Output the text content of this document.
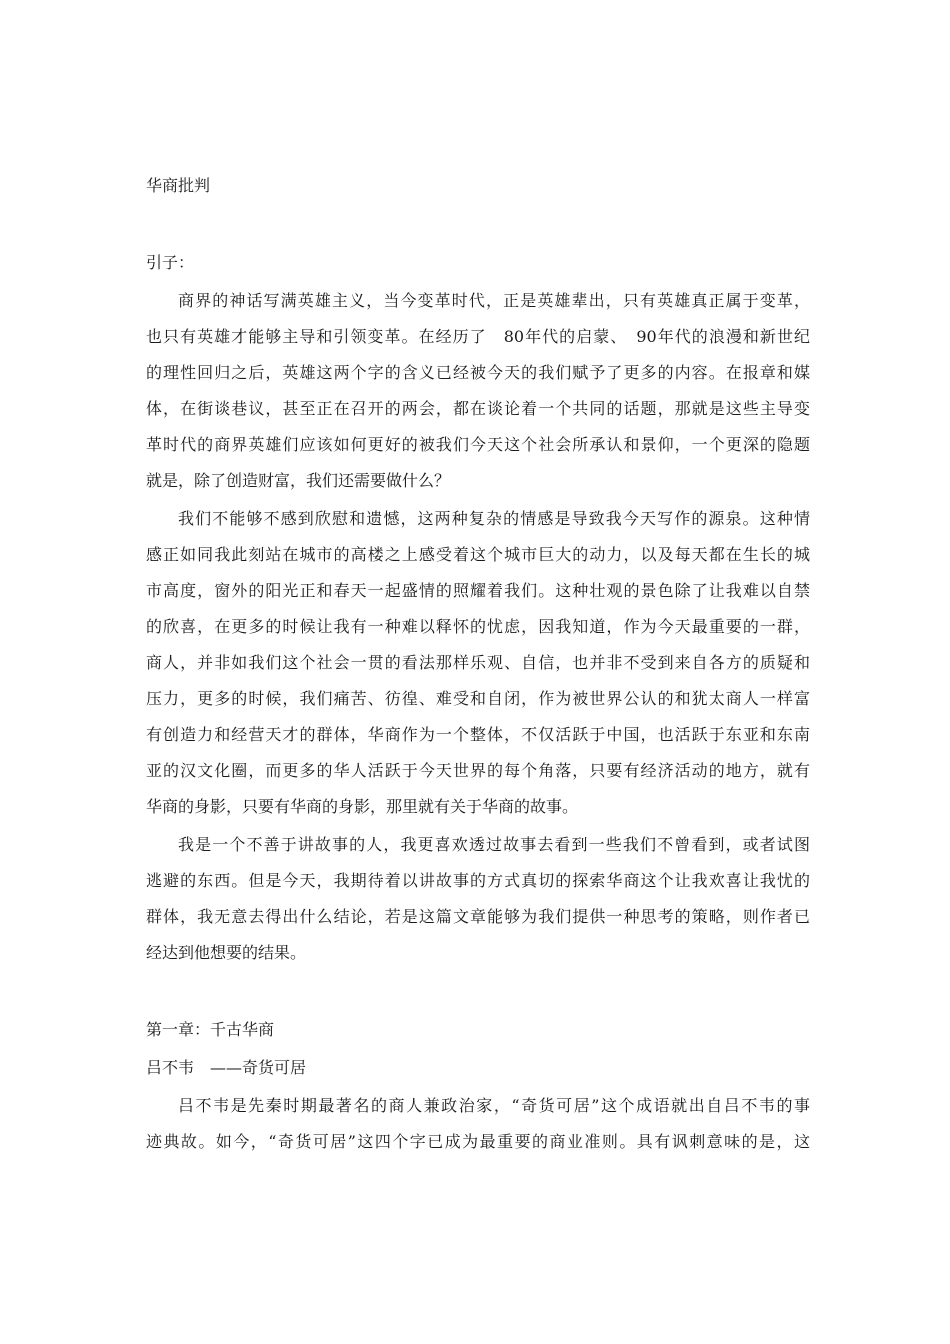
华商批判
引子：
商界的神话写满英雄主义，当今变革时代，正是英雄辈出，只有英雄真正属于变革，
也只有英雄才能够主导和引领变革。在经历了　80年代的启蒙、　90年代的浪漫和新世纪
的理性回归之后，英雄这两个字的含义已经被今天的我们赋予了更多的内容。在报章和媒
体，在街谈巷议，甚至正在召开的两会，都在谈论着一个共同的话题，那就是这些主导变
革时代的商界英雄们应该如何更好的被我们今天这个社会所承认和景仰，一个更深的隐题
就是，除了创造财富，我们还需要做什么？
我们不能够不感到欣慰和遗憾，这两种复杂的情感是导致我今天写作的源泉。这种情
感正如同我此刻站在城市的高楼之上感受着这个城市巨大的动力，以及每天都在生长的城
市高度，窗外的阳光正和春天一起盛情的照耀着我们。这种壮观的景色除了让我难以自禁
的欣喜，在更多的时候让我有一种难以释怀的忧虑，因我知道，作为今天最重要的一群，
商人，并非如我们这个社会一贯的看法那样乐观、自信，也并非不受到来自各方的质疑和
压力，更多的时候，我们痛苦、彷徨、难受和自闭，作为被世界公认的和犹太商人一样富
有创造力和经营天才的群体，华商作为一个整体，不仅活跃于中国，也活跃于东亚和东南
亚的汉文化圈，而更多的华人活跃于今天世界的每个角落，只要有经济活动的地方，就有
华商的身影，只要有华商的身影，那里就有关于华商的故事。
我是一个不善于讲故事的人，我更喜欢透过故事去看到一些我们不曾看到，或者试图
逃避的东西。但是今天，我期待着以讲故事的方式真切的探索华商这个让我欢喜让我忧的
群体，我无意去得出什么结论，若是这篇文章能够为我们提供一种思考的策略，则作者已
经达到他想要的结果。
第一章：千古华商
吕不韦　——奇货可居
吕不韦是先秦时期最著名的商人兼政治家，“奇货可居”这个成语就出自吕不韦的事
迹典故。如今，“奇货可居”这四个字已成为最重要的商业准则。具有讽刺意味的是，这
